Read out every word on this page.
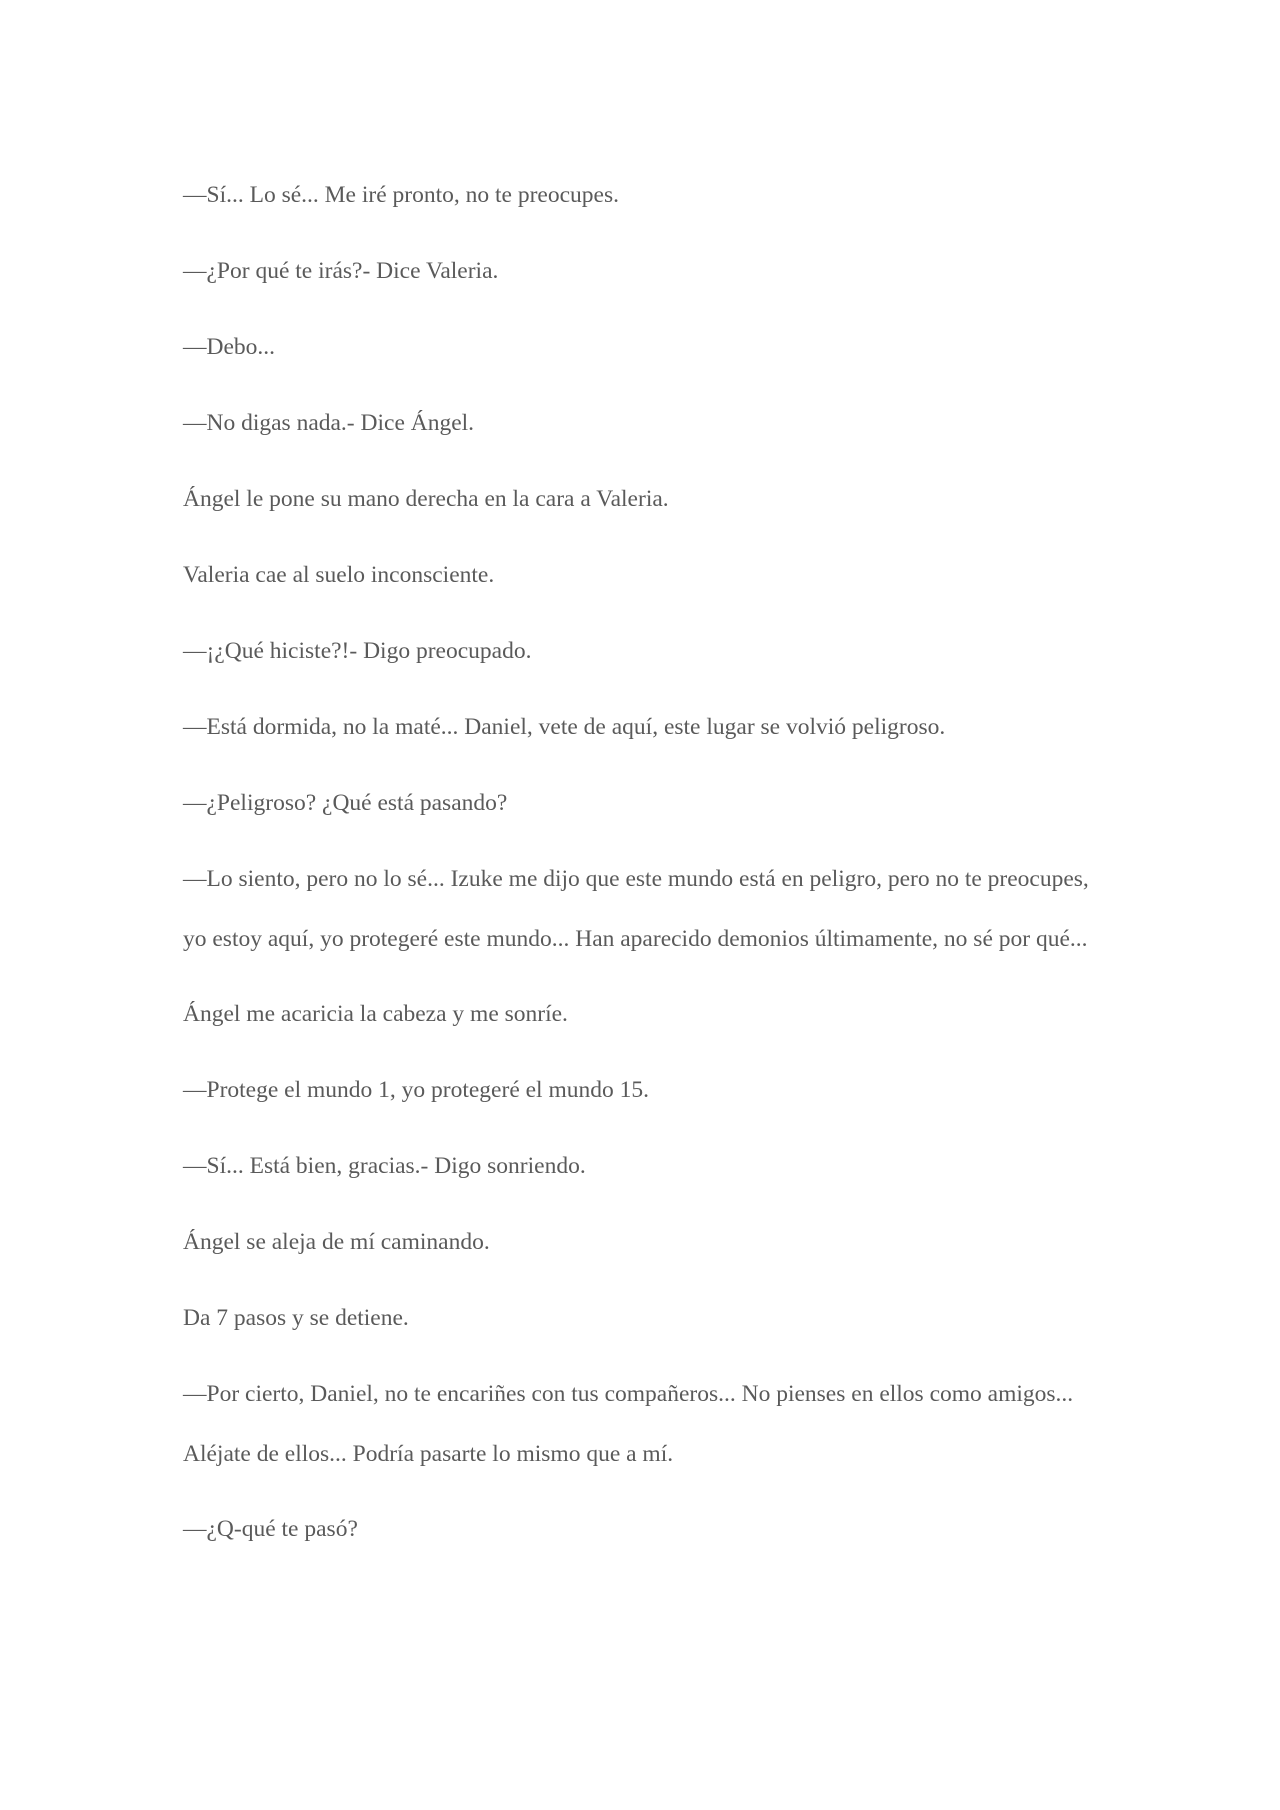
—Sí... Lo sé... Me iré pronto, no te preocupes.

—¿Por qué te irás?- Dice Valeria.

—Debo...

—No digas nada.- Dice Ángel.

Ángel le pone su mano derecha en la cara a Valeria.

Valeria cae al suelo inconsciente.

—¡¿Qué hiciste?!- Digo preocupado.

—Está dormida, no la maté... Daniel, vete de aquí, este lugar se volvió peligroso.

—¿Peligroso? ¿Qué está pasando?

—Lo siento, pero no lo sé... Izuke me dijo que este mundo está en peligro, pero no te preocupes, yo estoy aquí, yo protegeré este mundo... Han aparecido demonios últimamente, no sé por qué...

Ángel me acaricia la cabeza y me sonríe.

—Protege el mundo 1, yo protegeré el mundo 15.

—Sí... Está bien, gracias.- Digo sonriendo.

Ángel se aleja de mí caminando.

Da 7 pasos y se detiene.

—Por cierto, Daniel, no te encariñes con tus compañeros... No pienses en ellos como amigos... Aléjate de ellos... Podría pasarte lo mismo que a mí.

—¿Q-qué te pasó?
